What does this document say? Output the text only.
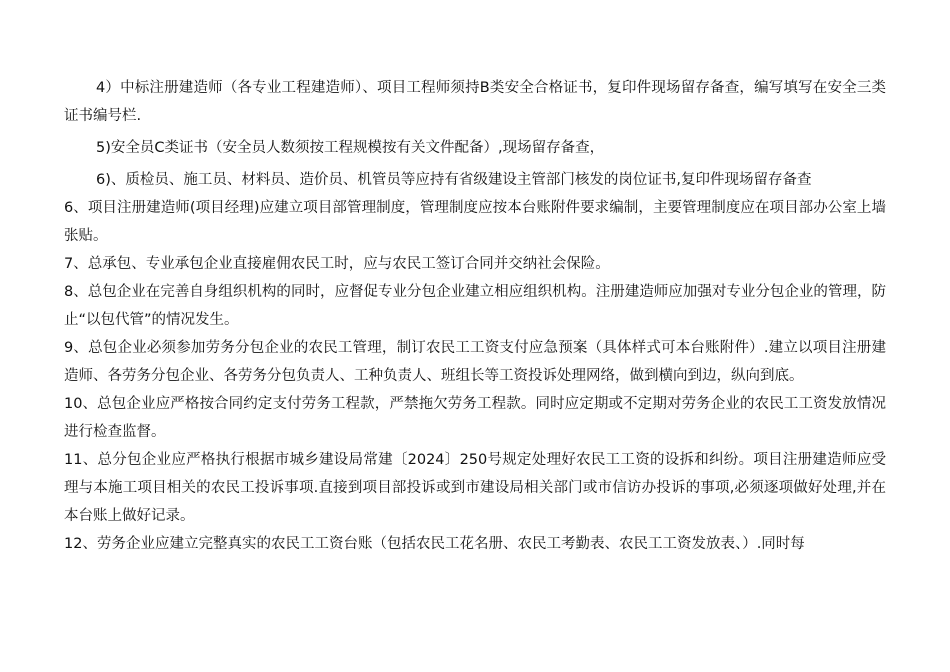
4）中标注册建造师（各专业工程建造师）、项目工程师须持B类安全合格证书，复印件现场留存备查，编写填写在安全三类证书编号栏.

5)安全员C类证书（安全员人数须按工程规模按有关文件配备）,现场留存备查，

6)、质检员、施工员、材料员、造价员、机管员等应持有省级建设主管部门核发的岗位证书,复印件现场留存备查

6、项目注册建造师(项目经理)应建立项目部管理制度，管理制度应按本台账附件要求编制，主要管理制度应在项目部办公室上墙张贴。

7、总承包、专业承包企业直接雇佣农民工时，应与农民工签订合同并交纳社会保险。

8、总包企业在完善自身组织机构的同时，应督促专业分包企业建立相应组织机构。注册建造师应加强对专业分包企业的管理，防止“以包代管”的情况发生。

9、总包企业必须参加劳务分包企业的农民工管理，制订农民工工资支付应急预案（具体样式可本台账附件）.建立以项目注册建造师、各劳务分包企业、各劳务分包负责人、工种负责人、班组长等工资投诉处理网络，做到横向到边，纵向到底。

10、总包企业应严格按合同约定支付劳务工程款，严禁拖欠劳务工程款。同时应定期或不定期对劳务企业的农民工工资发放情况进行检查监督。

11、总分包企业应严格执行根据市城乡建设局常建〔2024〕250号规定处理好农民工工资的设拆和纠纷。项目注册建造师应受理与本施工项目相关的农民工投诉事项.直接到项目部投诉或到市建设局相关部门或市信访办投诉的事项,必须逐项做好处理,并在本台账上做好记录。

12、劳务企业应建立完整真实的农民工工资台账（包括农民工花名册、农民工考勤表、农民工工资发放表、）.同时每
